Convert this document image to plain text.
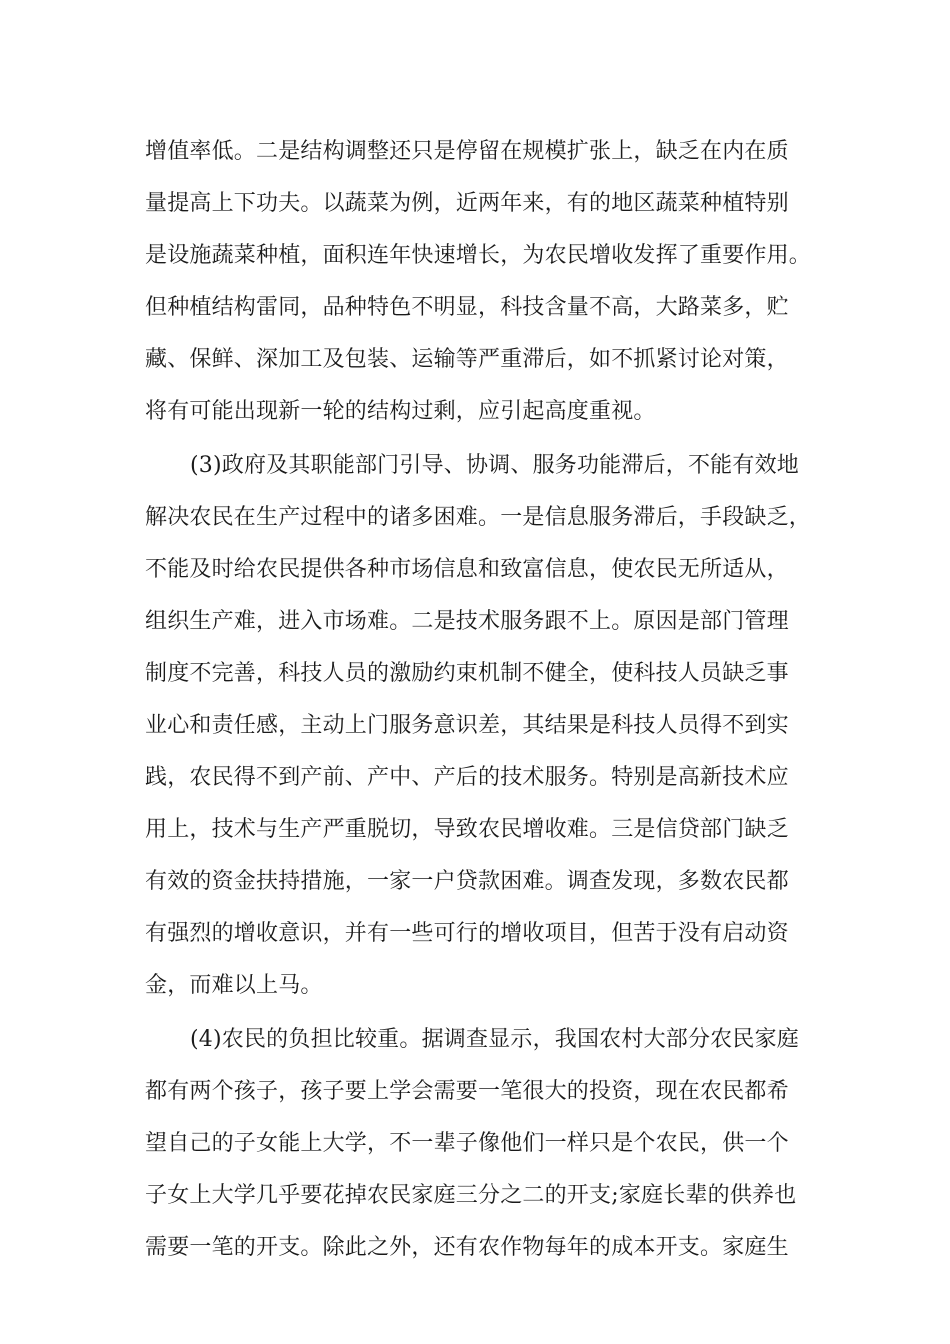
增值率低。二是结构调整还只是停留在规模扩张上，缺乏在内在质

量提高上下功夫。以蔬菜为例，近两年来，有的地区蔬菜种植特别

是设施蔬菜种植，面积连年快速增长，为农民增收发挥了重要作用。

但种植结构雷同，品种特色不明显，科技含量不高，大路菜多，贮

藏、保鲜、深加工及包装、运输等严重滞后，如不抓紧讨论对策，

将有可能出现新一轮的结构过剩，应引起高度重视。

(3)政府及其职能部门引导、协调、服务功能滞后，不能有效地

解决农民在生产过程中的诸多困难。一是信息服务滞后，手段缺乏，

不能及时给农民提供各种市场信息和致富信息，使农民无所适从，

组织生产难，进入市场难。二是技术服务跟不上。原因是部门管理

制度不完善，科技人员的激励约束机制不健全，使科技人员缺乏事

业心和责任感，主动上门服务意识差，其结果是科技人员得不到实

践，农民得不到产前、产中、产后的技术服务。特别是高新技术应

用上，技术与生产严重脱切，导致农民增收难。三是信贷部门缺乏

有效的资金扶持措施，一家一户贷款困难。调查发现，多数农民都

有强烈的增收意识，并有一些可行的增收项目，但苦于没有启动资

金，而难以上马。

(4)农民的负担比较重。据调查显示，我国农村大部分农民家庭

都有两个孩子，孩子要上学会需要一笔很大的投资，现在农民都希

望自己的子女能上大学，不一辈子像他们一样只是个农民，供一个

子女上大学几乎要花掉农民家庭三分之二的开支;家庭长辈的供养也

需要一笔的开支。除此之外，还有农作物每年的成本开支。家庭生
